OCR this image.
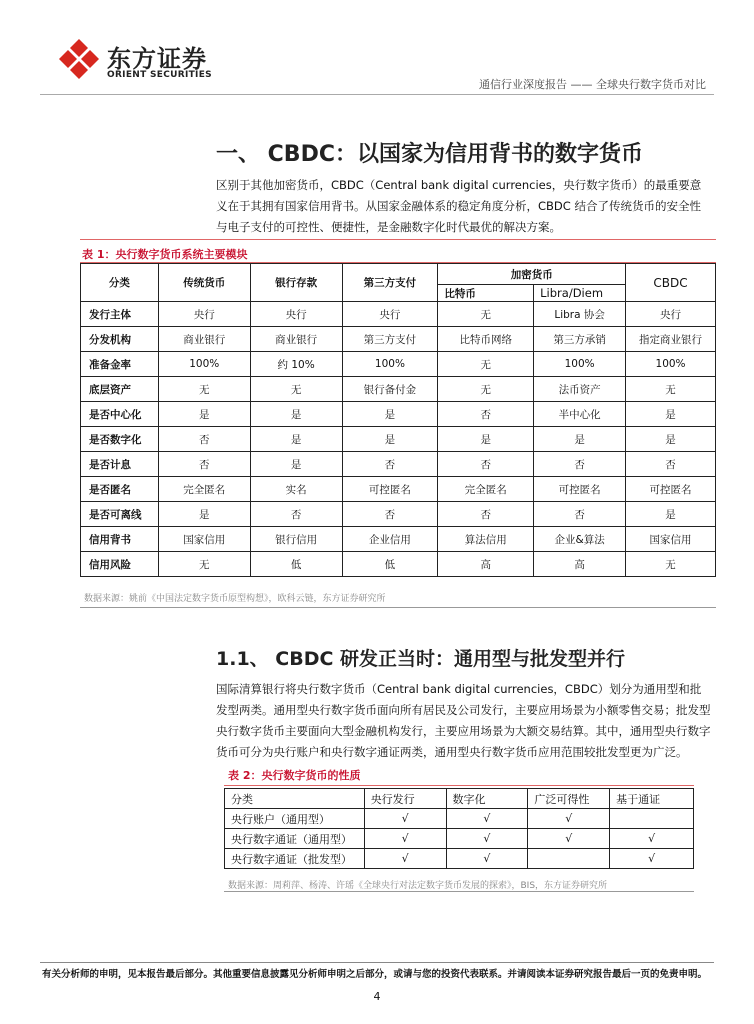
东方证券
ORIENT SECURITIES
通信行业深度报告 —— 全球央行数字货币对比
一、 CBDC：以国家为信用背书的数字货币
区别于其他加密货币，CBDC（Central bank digital currencies，央行数字货币）的最重要意义在于其拥有国家信用背书。从国家金融体系的稳定角度分析，CBDC 结合了传统货币的安全性与电子支付的可控性、便捷性，是金融数字化时代最优的解决方案。
表 1：央行数字货币系统主要模块
分类	传统货币	银行存款	第三方支付	加密货币		CBDC
				比特币	Libra/Diem	
发行主体	央行	央行	央行	无	Libra 协会	央行
分发机构	商业银行	商业银行	第三方支付	比特币网络	第三方承销	指定商业银行
准备金率	100%	约 10%	100%	无	100%	100%
底层资产	无	无	银行备付金	无	法币资产	无
是否中心化	是	是	是	否	半中心化	是
是否数字化	否	是	是	是	是	是
是否计息	否	是	否	否	否	否
是否匿名	完全匿名	实名	可控匿名	完全匿名	可控匿名	可控匿名
是否可离线	是	否	否	否	否	是
信用背书	国家信用	银行信用	企业信用	算法信用	企业&算法	国家信用
信用风险	无	低	低	高	高	无
数据来源：姚前《中国法定数字货币原型构想》，欧科云链，东方证券研究所
1.1、 CBDC 研发正当时：通用型与批发型并行
国际清算银行将央行数字货币（Central bank digital currencies，CBDC）划分为通用型和批发型两类。通用型央行数字货币面向所有居民及公司发行，主要应用场景为小额零售交易；批发型央行数字货币主要面向大型金融机构发行，主要应用场景为大额交易结算。其中，通用型央行数字货币可分为央行账户和央行数字通证两类，通用型央行数字货币应用范围较批发型更为广泛。
表 2：央行数字货币的性质
分类	央行发行	数字化	广泛可得性	基于通证
央行账户（通用型）	√	√	√	
央行数字通证（通用型）	√	√	√	√
央行数字通证（批发型）	√	√		√
数据来源：周莉萍、杨涛、许瑶《全球央行对法定数字货币发展的探索》，BIS，东方证券研究所
有关分析师的申明，见本报告最后部分。其他重要信息披露见分析师申明之后部分，或请与您的投资代表联系。并请阅读本证券研究报告最后一页的免责申明。
4
